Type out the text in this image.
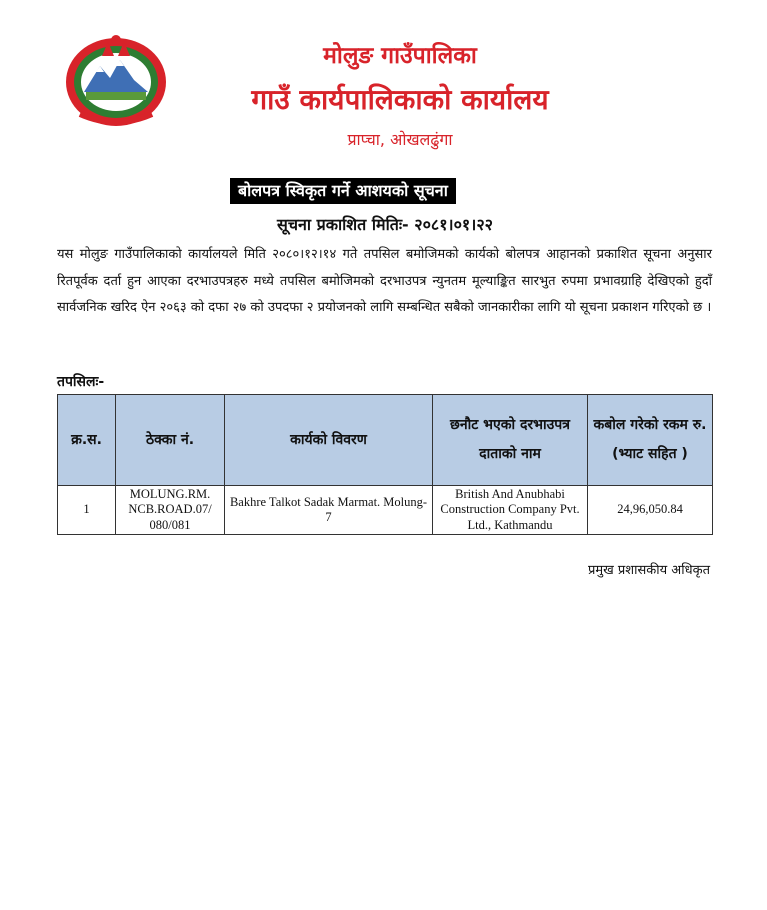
मोलुङ गाउँपालिका
गाउँ कार्यपालिकाको कार्यालय
प्राप्चा, ओखलढुंगा
बोलपत्र स्विकृत गर्ने आशयको सूचना
सूचना प्रकाशित मितिः- २०८१।०१।२२
यस मोलुङ गाउँपालिकाको कार्यालयले मिति २०८०।१२।१४ गते तपसिल बमोजिमको कार्यको बोलपत्र आहानको प्रकाशित सूचना अनुसार रितपूर्वक दर्ता हुन आएका दरभाउपत्रहरु मध्ये तपसिल बमोजिमको दरभाउपत्र न्युनतम मूल्याङ्कित सारभुत रुपमा प्रभावग्राहि देखिएको हुदाँ सार्वजनिक खरिद ऐन २०६३ को दफा २७ को उपदफा २ प्रयोजनको लागि सम्बन्धित सबैको जानकारीका लागि यो सूचना प्रकाशन गरिएको छ ।
तपसिलः-
क्र.स.	ठेक्का नं.	कार्यको विवरण	छनौट भएको दरभाउपत्र दाताको नाम	कबोल गरेको रकम रु. (भ्याट सहित )
1	MOLUNG.RM. NCB.ROAD.07/ 080/081	Bakhre Talkot Sadak Marmat. Molung-7	British And Anubhabi Construction Company Pvt. Ltd., Kathmandu	24,96,050.84
प्रमुख प्रशासकीय अधिकृत
